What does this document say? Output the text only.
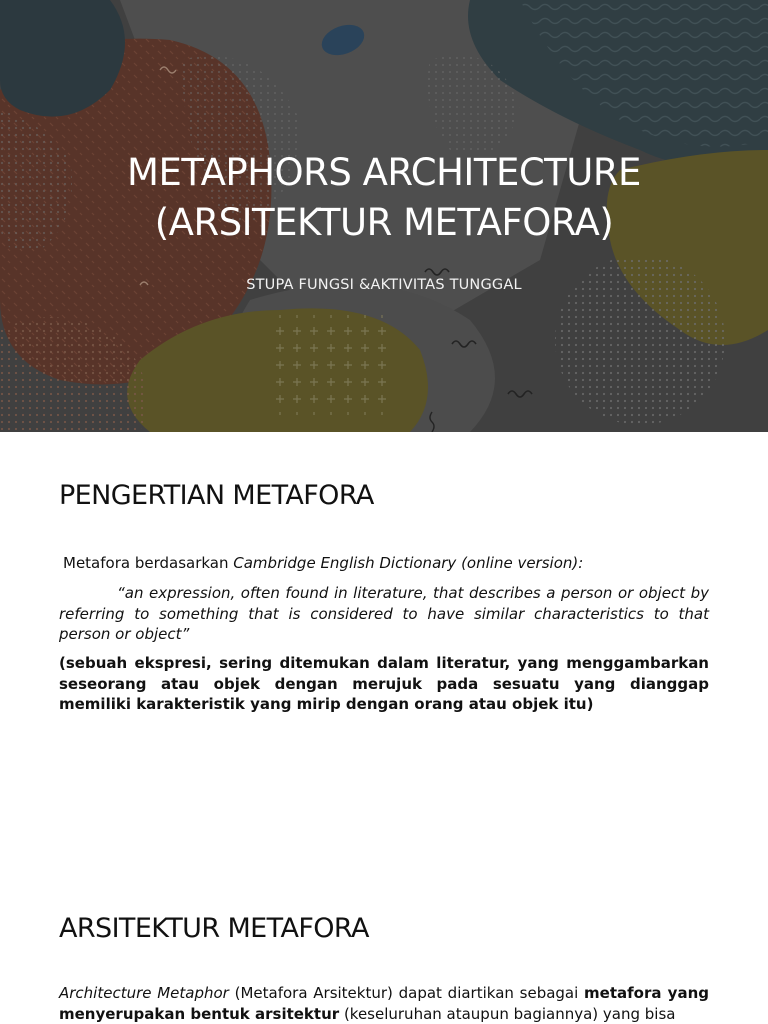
METAPHORS ARCHITECTURE
(ARSITEKTUR METAFORA)
STUPA FUNGSI &AKTIVITAS TUNGGAL
PENGERTIAN METAFORA
Metafora berdasarkan Cambridge English Dictionary (online version):
“an expression, often found in literature, that describes a person or object by referring to something that is considered to have similar characteristics to that person or object”
(sebuah ekspresi, sering ditemukan dalam literatur, yang menggambarkan seseorang atau objek dengan merujuk pada sesuatu yang dianggap memiliki karakteristik yang mirip dengan orang atau objek itu)
ARSITEKTUR METAFORA
Architecture Metaphor (Metafora Arsitektur) dapat diartikan sebagai metafora yang menyerupakan bentuk arsitektur (keseluruhan ataupun bagiannya) yang bisa
